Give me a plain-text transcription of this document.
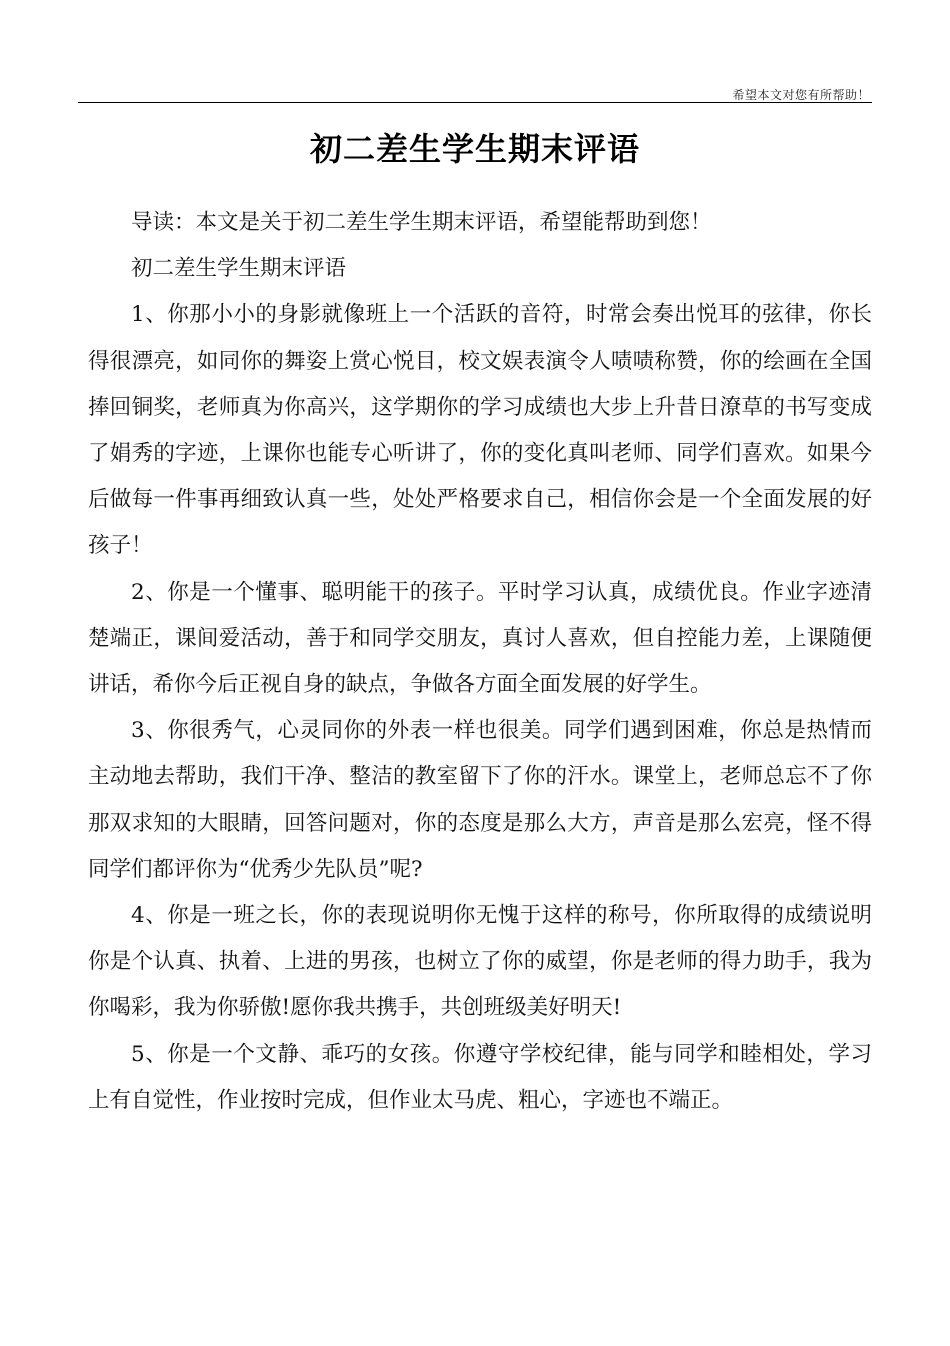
希望本文对您有所帮助！
初二差生学生期末评语

导读：本文是关于初二差生学生期末评语，希望能帮助到您！

初二差生学生期末评语

1、你那小小的身影就像班上一个活跃的音符，时常会奏出悦耳的弦律，你长得很漂亮，如同你的舞姿上赏心悦目，校文娱表演令人啧啧称赞，你的绘画在全国捧回铜奖，老师真为你高兴，这学期你的学习成绩也大步上升昔日潦草的书写变成了娟秀的字迹，上课你也能专心听讲了，你的变化真叫老师、同学们喜欢。如果今后做每一件事再细致认真一些，处处严格要求自己，相信你会是一个全面发展的好孩子！

2、你是一个懂事、聪明能干的孩子。平时学习认真，成绩优良。作业字迹清楚端正，课间爱活动，善于和同学交朋友，真讨人喜欢，但自控能力差，上课随便讲话，希你今后正视自身的缺点，争做各方面全面发展的好学生。

3、你很秀气，心灵同你的外表一样也很美。同学们遇到困难，你总是热情而主动地去帮助，我们干净、整洁的教室留下了你的汗水。课堂上，老师总忘不了你那双求知的大眼睛，回答问题对，你的态度是那么大方，声音是那么宏亮，怪不得同学们都评你为“优秀少先队员”呢?

4、你是一班之长，你的表现说明你无愧于这样的称号，你所取得的成绩说明你是个认真、执着、上进的男孩，也树立了你的威望，你是老师的得力助手，我为你喝彩，我为你骄傲!愿你我共携手，共创班级美好明天!

5、你是一个文静、乖巧的女孩。你遵守学校纪律，能与同学和睦相处，学习上有自觉性，作业按时完成，但作业太马虎、粗心，字迹也不端正。
